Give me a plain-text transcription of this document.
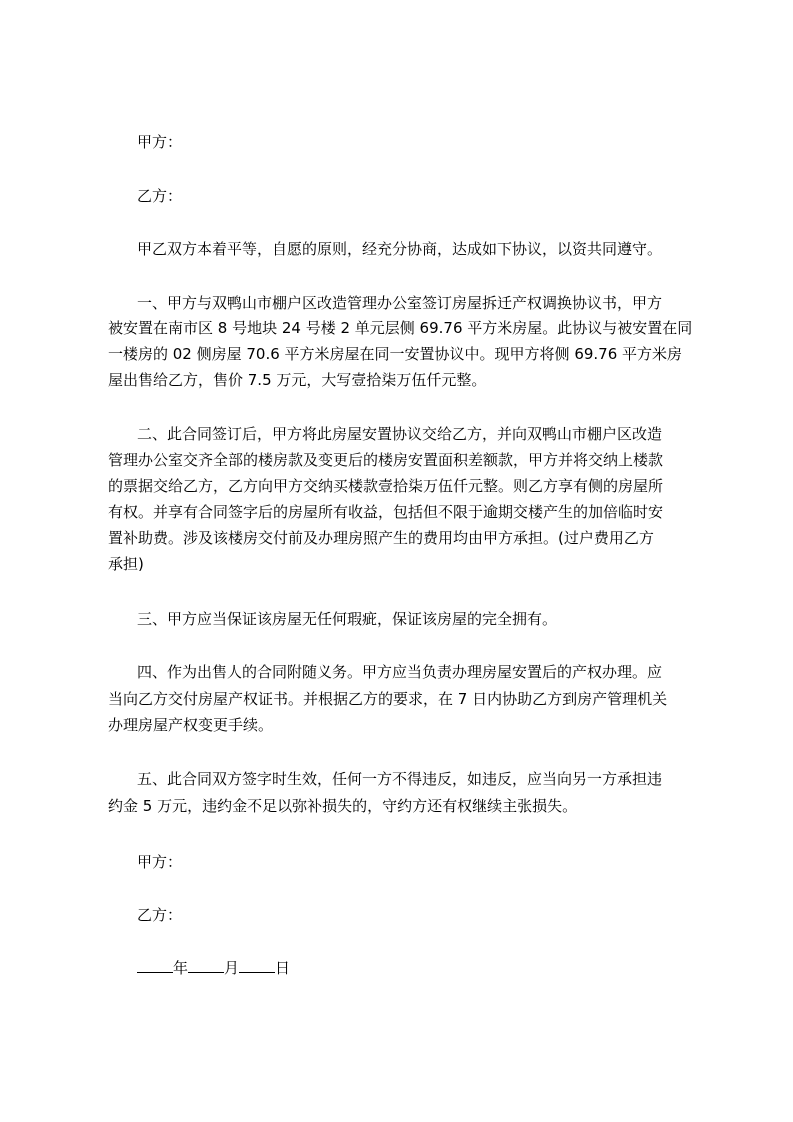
甲方：
乙方：
甲乙双方本着平等，自愿的原则，经充分协商，达成如下协议，以资共同遵守。
一、甲方与双鸭山市棚户区改造管理办公室签订房屋拆迁产权调换协议书，甲方
被安置在南市区 8 号地块 24 号楼 2 单元层侧 69.76 平方米房屋。此协议与被安置在同
一楼房的 02 侧房屋 70.6 平方米房屋在同一安置协议中。现甲方将侧 69.76 平方米房
屋出售给乙方，售价 7.5 万元，大写壹拾柒万伍仟元整。
二、此合同签订后，甲方将此房屋安置协议交给乙方，并向双鸭山市棚户区改造
管理办公室交齐全部的楼房款及变更后的楼房安置面积差额款，甲方并将交纳上楼款
的票据交给乙方，乙方向甲方交纳买楼款壹拾柒万伍仟元整。则乙方享有侧的房屋所
有权。并享有合同签字后的房屋所有收益，包括但不限于逾期交楼产生的加倍临时安
置补助费。涉及该楼房交付前及办理房照产生的费用均由甲方承担。(过户费用乙方
承担)
三、甲方应当保证该房屋无任何瑕疵，保证该房屋的完全拥有。
四、作为出售人的合同附随义务。甲方应当负责办理房屋安置后的产权办理。应
当向乙方交付房屋产权证书。并根据乙方的要求，在 7 日内协助乙方到房产管理机关
办理房屋产权变更手续。
五、此合同双方签字时生效，任何一方不得违反，如违反，应当向另一方承担违
约金 5 万元，违约金不足以弥补损失的，守约方还有权继续主张损失。
甲方：
乙方：
年 月 日
